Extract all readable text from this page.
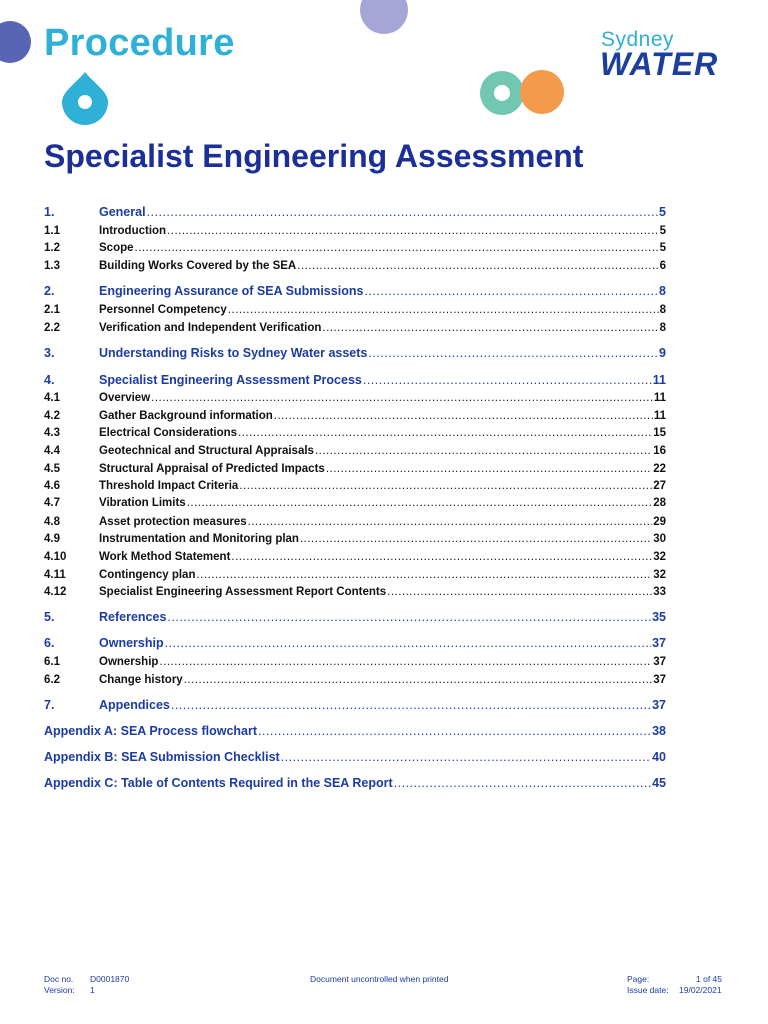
Procedure	Sydney
WATER
Specialist Engineering Assessment
1.	General .....	5
1.1	Introduction .....	5
1.2	Scope .....	5
1.3	Building Works Covered by the SEA .....	6
2.	Engineering Assurance of SEA Submissions .....	8
2.1	Personnel Competency .....	8
2.2	Verification and Independent Verification .....	8
3.	Understanding Risks to Sydney Water assets .....	9
4.	Specialist Engineering Assessment Process .....	11
4.1	Overview .....	11
4.2	Gather Background information .....	11
4.3	Electrical Considerations .....	15
4.4	Geotechnical and Structural Appraisals .....	16
4.5	Structural Appraisal of Predicted Impacts .....	22
4.6	Threshold Impact Criteria .....	27
4.7	Vibration Limits .....	28
4.8	Asset protection measures .....	29
4.9	Instrumentation and Monitoring plan .....	30
4.10	Work Method Statement .....	32
4.11	Contingency plan .....	32
4.12	Specialist Engineering Assessment Report Contents .....	33
5.	References .....	35
6.	Ownership .....	37
6.1	Ownership .....	37
6.2	Change history .....	37
7.	Appendices .....	37
Appendix A: SEA Process flowchart .....	38
Appendix B: SEA Submission Checklist .....	40
Appendix C: Table of Contents Required in the SEA Report .....	45
Doc no. D0001870
Version: 1
Document uncontrolled when printed	Page:	1 of 45
Issue date: 19/02/2021
